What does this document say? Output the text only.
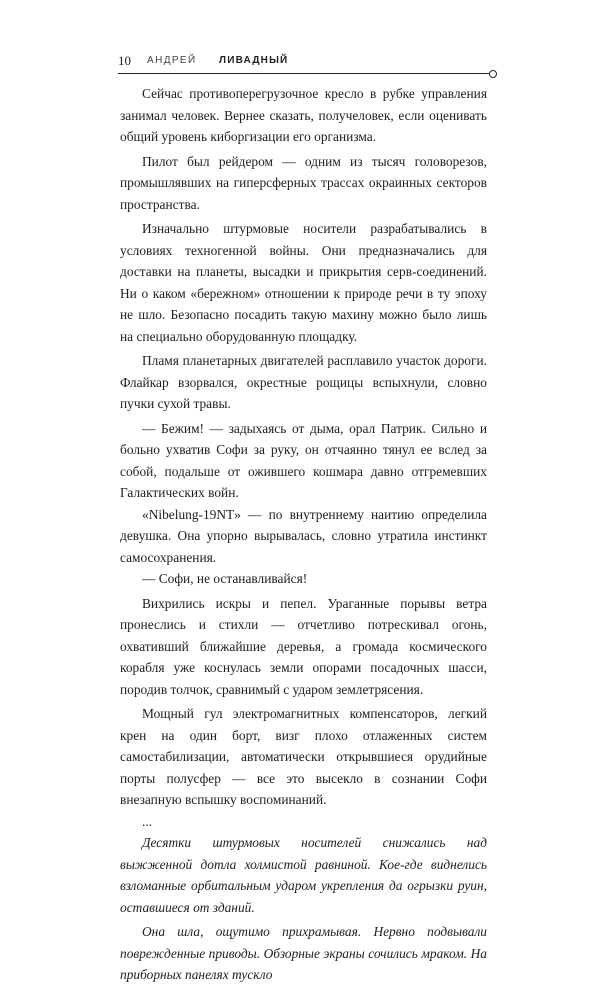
10 АНДРЕЙ ЛИВАДНЫЙ

Сейчас противоперегрузочное кресло в рубке управления занимал человек. Вернее сказать, получеловек, если оценивать общий уровень киборгизации его организма.

Пилот был рейдером — одним из тысяч головорезов, промышлявших на гиперсферных трассах окраинных секторов пространства.

Изначально штурмовые носители разрабатывались в условиях техногенной войны. Они предназначались для доставки на планеты, высадки и прикрытия серв-соединений. Ни о каком «бережном» отношении к природе речи в ту эпоху не шло. Безопасно посадить такую махину можно было лишь на специально оборудованную площадку.

Пламя планетарных двигателей расплавило участок дороги. Флайкар взорвался, окрестные рощицы вспыхнули, словно пучки сухой травы.

— Бежим! — задыхаясь от дыма, орал Патрик. Сильно и больно ухватив Софи за руку, он отчаянно тянул ее вслед за собой, подальше от ожившего кошмара давно отгремевших Галактических войн.

«Nibelung-19NT» — по внутреннему наитию определила девушка. Она упорно вырывалась, словно утратила инстинкт самосохранения.

— Софи, не останавливайся!

Вихрились искры и пепел. Ураганные порывы ветра пронеслись и стихли — отчетливо потрескивал огонь, охвативший ближайшие деревья, а громада космического корабля уже коснулась земли опорами посадочных шасси, породив толчок, сравнимый с ударом землетрясения.

Мощный гул электромагнитных компенсаторов, легкий крен на один борт, визг плохо отлаженных систем самостабилизации, автоматически открывшиеся орудийные порты полусфер — все это высекло в сознании Софи внезапную вспышку воспоминаний.

...

Десятки штурмовых носителей снижались над выжженной дотла холмистой равниной. Кое-где виднелись взломанные орбитальным ударом укрепления да огрызки руин, оставшиеся от зданий.

Она шла, ощутимо прихрамывая. Нервно подвывали поврежденные приводы. Обзорные экраны сочились мраком. На приборных панелях тускло
